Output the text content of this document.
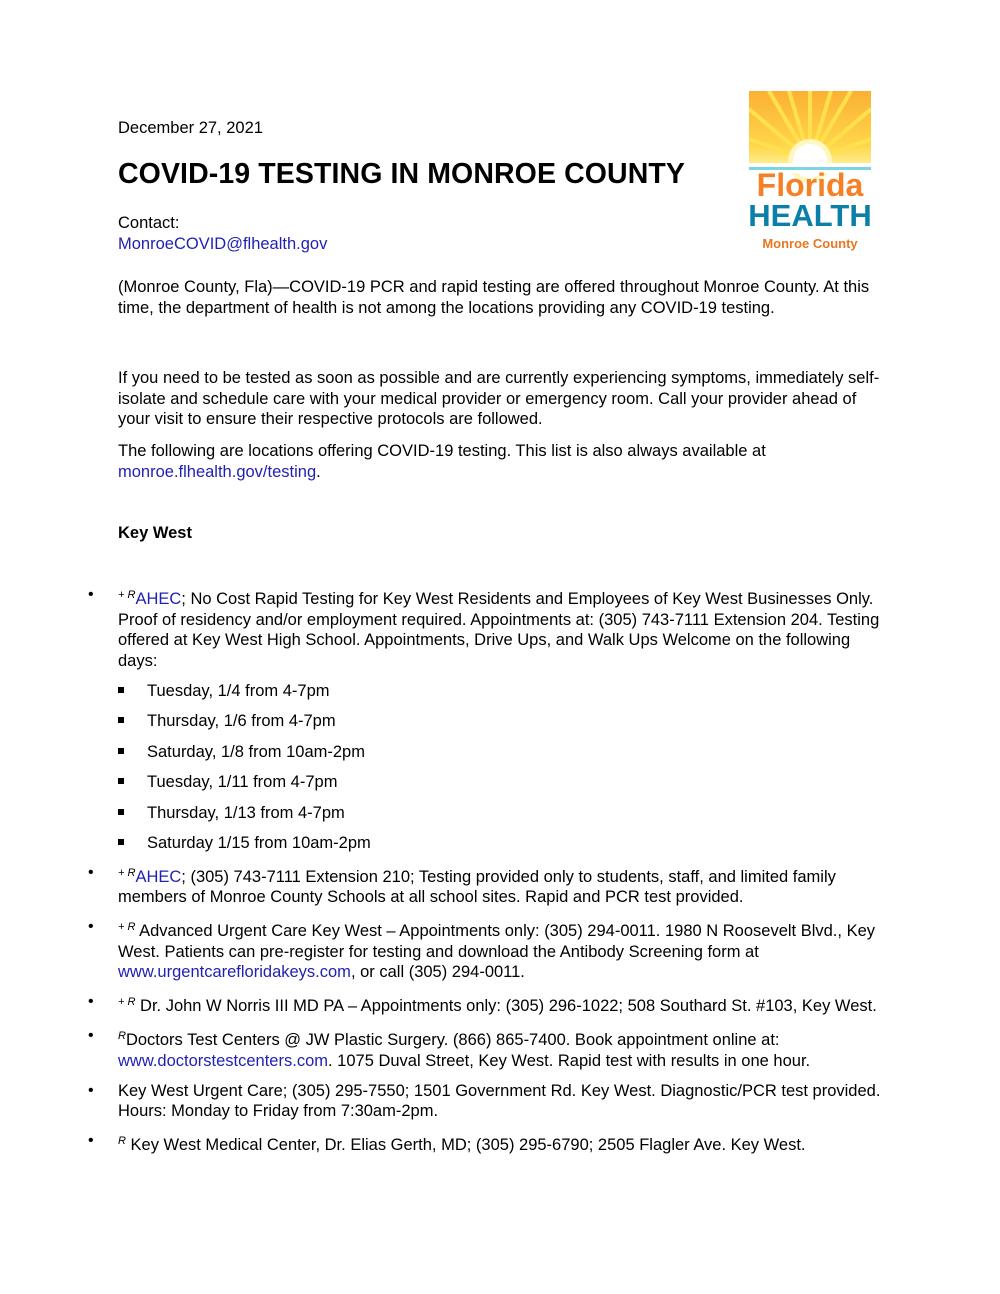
December 27, 2021
COVID-19 TESTING IN MONROE COUNTY
Contact:
MonroeCOVID@flhealth.gov
Florida
HEALTH
Monroe County
(Monroe County, Fla)—COVID-19 PCR and rapid testing are offered throughout Monroe County. At this time, the department of health is not among the locations providing any COVID-19 testing.
If you need to be tested as soon as possible and are currently experiencing symptoms, immediately self-isolate and schedule care with your medical provider or emergency room. Call your provider ahead of your visit to ensure their respective protocols are followed.
The following are locations offering COVID-19 testing. This list is also always available at monroe.flhealth.gov/testing.
Key West
• $^{+ R}$AHEC; No Cost Rapid Testing for Key West Residents and Employees of Key West Businesses Only. Proof of residency and/or employment required. Appointments at: (305) 743-7111 Extension 204. Testing offered at Key West High School. Appointments, Drive Ups, and Walk Ups Welcome on the following days:
Tuesday, 1/4 from 4-7pm
Thursday, 1/6 from 4-7pm
Saturday, 1/8 from 10am-2pm
Tuesday, 1/11 from 4-7pm
Thursday, 1/13 from 4-7pm
Saturday 1/15 from 10am-2pm
• $^{+ R}$AHEC; (305) 743-7111 Extension 210; Testing provided only to students, staff, and limited family members of Monroe County Schools at all school sites. Rapid and PCR test provided.
• $^{+ R}$ Advanced Urgent Care Key West – Appointments only: (305) 294-0011. 1980 N Roosevelt Blvd., Key West. Patients can pre-register for testing and download the Antibody Screening form at www.urgentcarefloridakeys.com, or call (305) 294-0011.
• $^{+ R}$ Dr. John W Norris III MD PA – Appointments only: (305) 296-1022; 508 Southard St. #103, Key West.
• $^R$Doctors Test Centers @ JW Plastic Surgery. (866) 865-7400. Book appointment online at: www.doctorstestcenters.com. 1075 Duval Street, Key West. Rapid test with results in one hour.
• Key West Urgent Care; (305) 295-7550; 1501 Government Rd. Key West. Diagnostic/PCR test provided. Hours: Monday to Friday from 7:30am-2pm.
• $^R$ Key West Medical Center, Dr. Elias Gerth, MD; (305) 295-6790; 2505 Flagler Ave. Key West.
